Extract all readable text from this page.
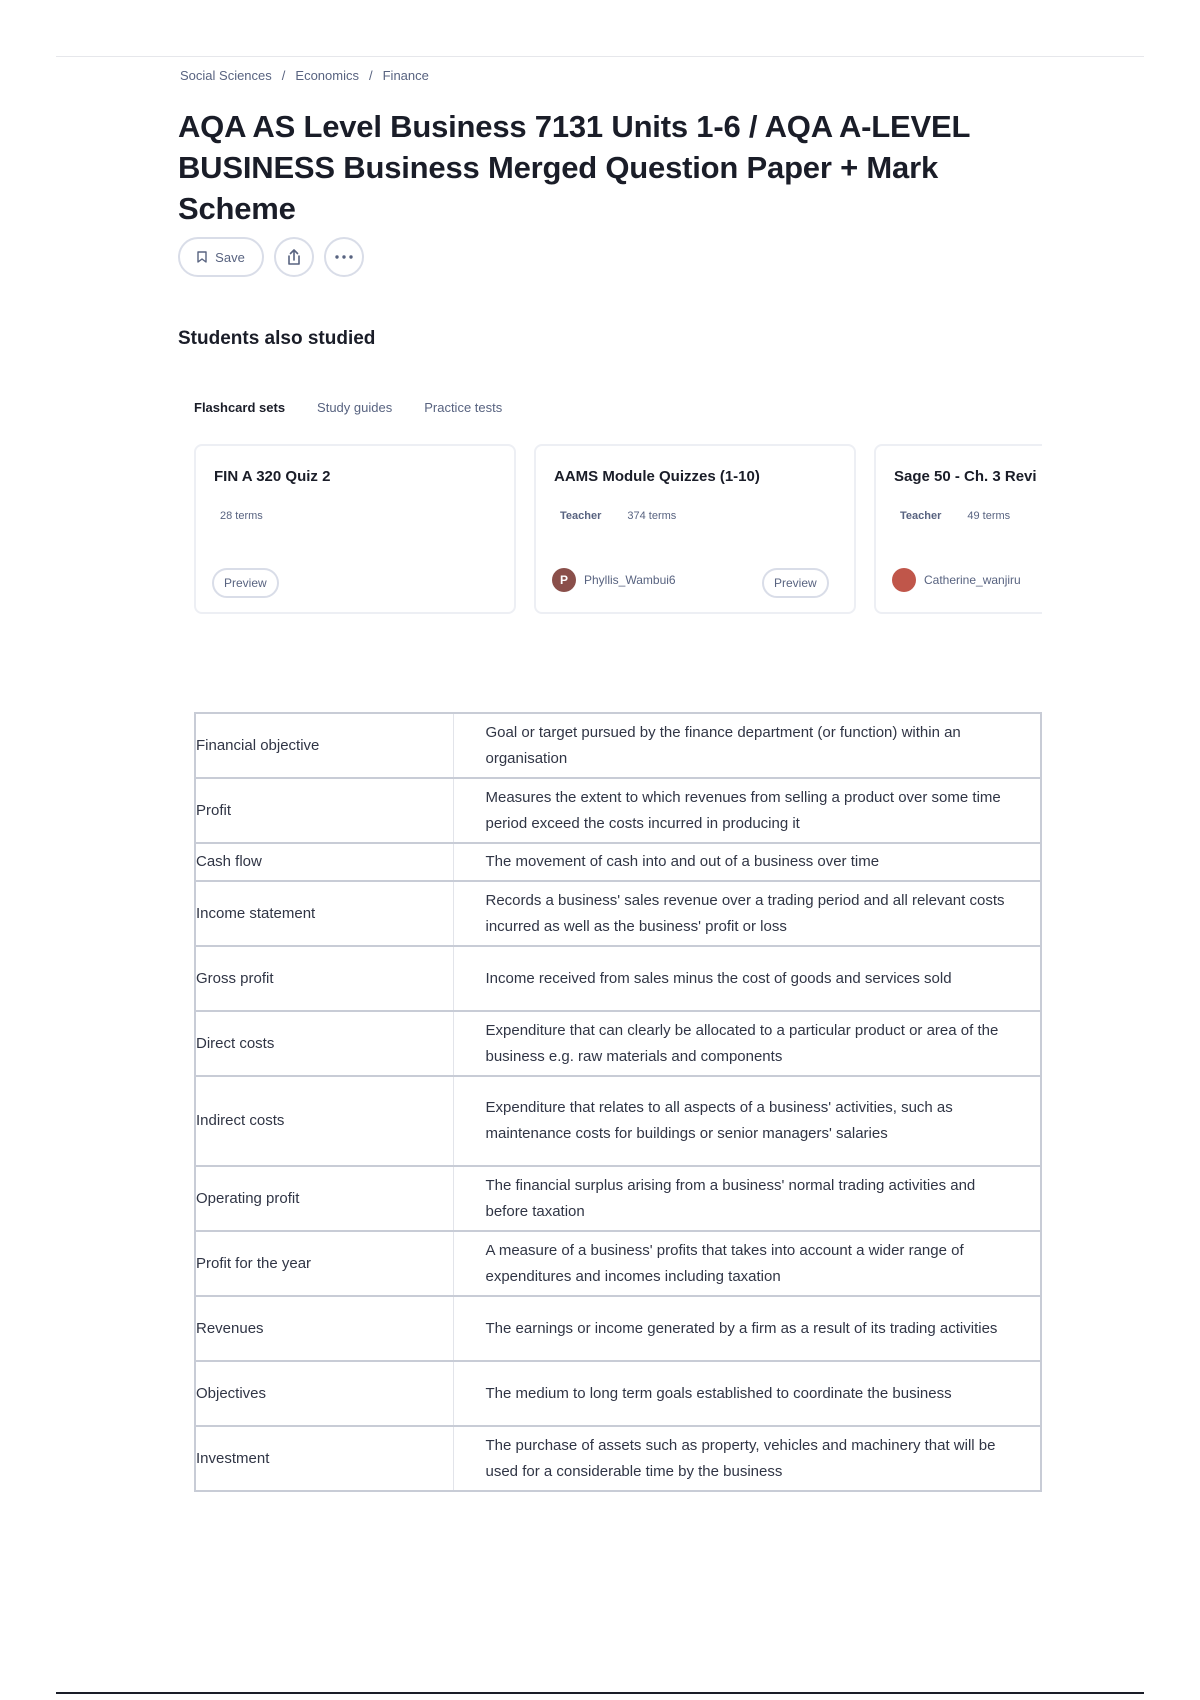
Social Sciences / Economics / Finance
AQA AS Level Business 7131 Units 1-6 / AQA A-LEVEL BUSINESS Business Merged Question Paper + Mark Scheme
Save
Students also studied
Flashcard sets Study guides Practice tests
FIN A 320 Quiz 2
28 terms
Preview
AAMS Module Quizzes (1-10)
Teacher 374 terms
P	Phyllis_Wambui6	Preview
Sage 50 - Ch. 3 Revi
Teacher 49 terms
Catherine_wanjiru
Financial objective	Goal or target pursued by the finance department (or function) within an organisation
Profit	Measures the extent to which revenues from selling a product over some time period exceed the costs incurred in producing it
Cash flow	The movement of cash into and out of a business over time
Income statement	Records a business' sales revenue over a trading period and all relevant costs incurred as well as the business' profit or loss
Gross profit	Income received from sales minus the cost of goods and services sold
Direct costs	Expenditure that can clearly be allocated to a particular product or area of the business e.g. raw materials and components
Indirect costs	Expenditure that relates to all aspects of a business' activities, such as maintenance costs for buildings or senior managers' salaries
Operating profit	The financial surplus arising from a business' normal trading activities and before taxation
Profit for the year	A measure of a business' profits that takes into account a wider range of expenditures and incomes including taxation
Revenues	The earnings or income generated by a firm as a result of its trading activities
Objectives	The medium to long term goals established to coordinate the business
Investment	The purchase of assets such as property, vehicles and machinery that will be used for a considerable time by the business
